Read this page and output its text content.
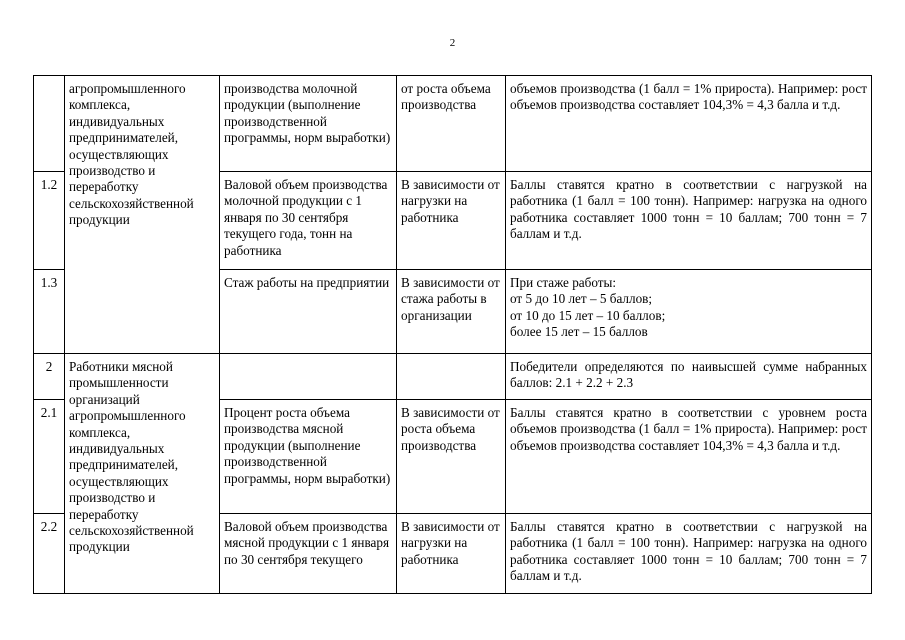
2
	агропромышленного комплекса, индивидуальных предпринимателей, осуществляющих производство и переработку сельскохозяйственной продукции	производства молочной продукции (выполнение производственной программы, норм выработки)	от роста объема производства	объемов производства (1 балл = 1% прироста). Например: рост объемов производства составляет 104,3% = 4,3 балла и т.д.
1.2		Валовой объем производства молочной продукции с 1 января по 30 сентября текущего года, тонн на работника	В зависимости от нагрузки на работника	Баллы ставятся кратно в соответствии с нагрузкой на работника (1 балл = 100 тонн). Например: нагрузка на одного работника составляет 1000 тонн = 10 баллам; 700 тонн = 7 баллам и т.д.
1.3		Стаж работы на предприятии	В зависимости от стажа работы в организации	При стаже работы:
от 5 до 10 лет – 5 баллов;
от 10 до 15 лет – 10 баллов;
более 15 лет – 15 баллов

2	Работники мясной промышленности организаций агропромышленного комплекса, индивидуальных предпринимателей, осуществляющих производство и переработку сельскохозяйственной продукции			Победители определяются по наивысшей сумме набранных баллов: 2.1 + 2.2 + 2.3
2.1		Процент роста объема производства мясной продукции (выполнение производственной программы, норм выработки)	В зависимости от роста объема производства	Баллы ставятся кратно в соответствии с уровнем роста объемов производства (1 балл = 1% прироста). Например: рост объемов производства составляет 104,3% = 4,3 балла и т.д.
2.2		Валовой объем производства мясной продукции с 1 января по 30 сентября текущего	В зависимости от нагрузки на работника	Баллы ставятся кратно в соответствии с нагрузкой на работника (1 балл = 100 тонн). Например: нагрузка на одного работника составляет 1000 тонн = 10 баллам; 700 тонн = 7 баллам и т.д.
